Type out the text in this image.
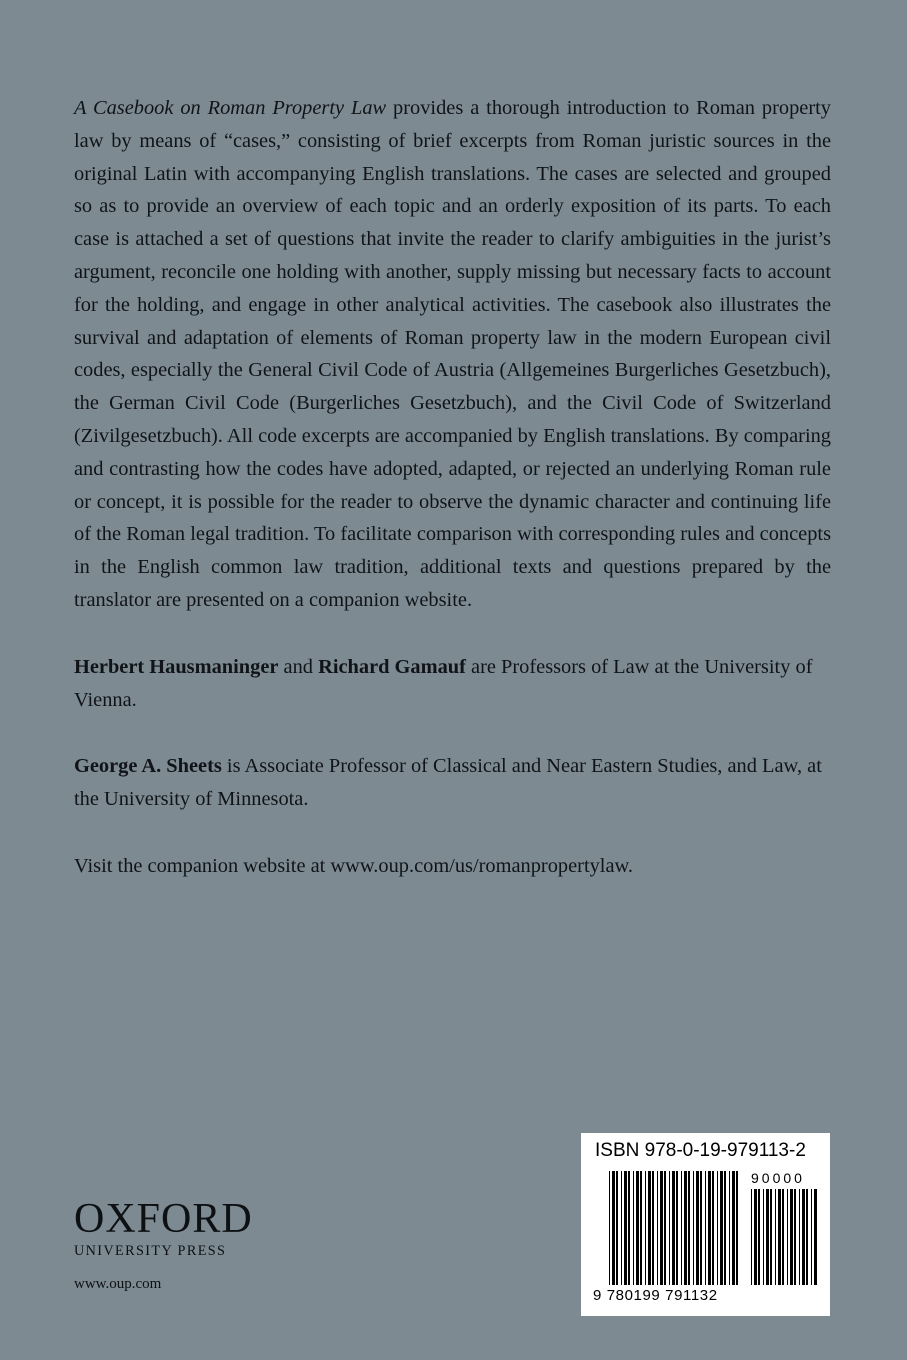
A Casebook on Roman Property Law provides a thorough introduction to Roman property law by means of “cases,” consisting of brief excerpts from Roman juristic sources in the original Latin with accompanying English translations. The cases are selected and grouped so as to provide an overview of each topic and an orderly exposition of its parts. To each case is attached a set of questions that invite the reader to clarify ambiguities in the jurist’s argument, reconcile one holding with another, supply missing but necessary facts to account for the holding, and engage in other analytical activities. The casebook also illustrates the survival and adaptation of elements of Roman property law in the modern European civil codes, especially the General Civil Code of Austria (Allgemeines Burgerliches Gesetzbuch), the German Civil Code (Burgerliches Gesetzbuch), and the Civil Code of Switzerland (Zivilgesetzbuch). All code excerpts are accompanied by English translations. By comparing and contrasting how the codes have adopted, adapted, or rejected an underlying Roman rule or concept, it is possible for the reader to observe the dynamic character and continuing life of the Roman legal tradition. To facilitate comparison with corresponding rules and concepts in the English common law tradition, additional texts and questions prepared by the translator are presented on a companion website.

Herbert Hausmaninger and Richard Gamauf are Professors of Law at the University of Vienna.

George A. Sheets is Associate Professor of Classical and Near Eastern Studies, and Law, at the University of Minnesota.

Visit the companion website at www.oup.com/us/romanpropertylaw.

OXFORD
UNIVERSITY PRESS
www.oup.com
ISBN 978-0-19-979113-2
90000
9 780199 791132
